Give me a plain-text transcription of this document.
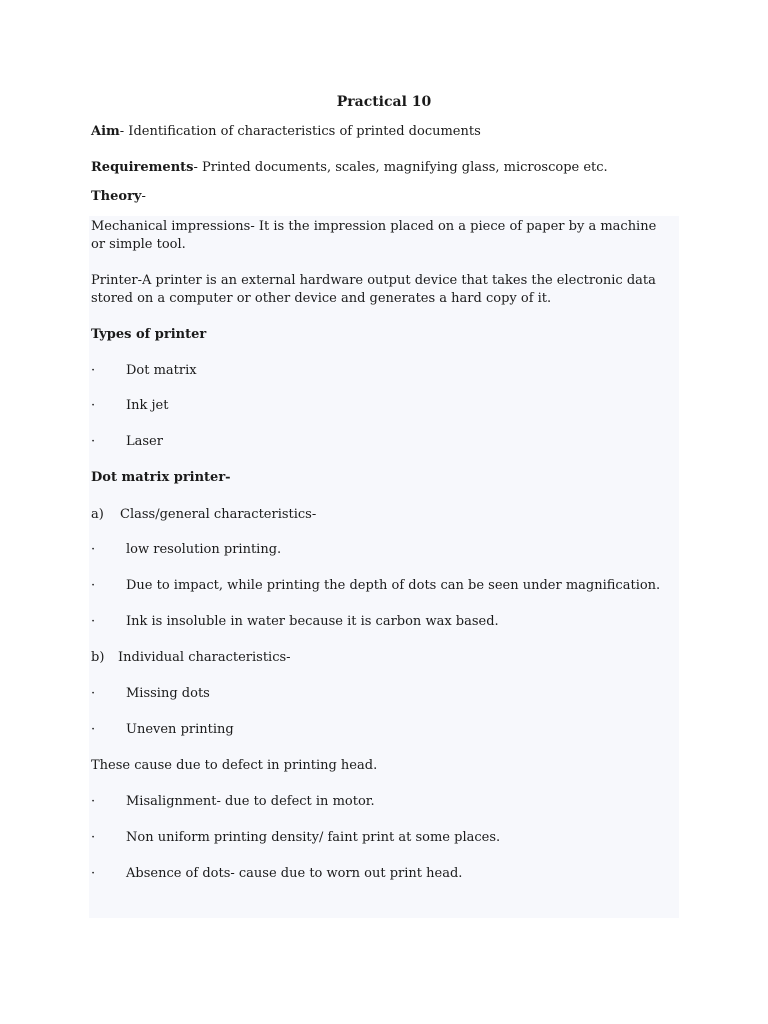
Practical 10
Aim- Identification of characteristics of printed documents
Requirements- Printed documents, scales, magnifying glass, microscope etc.
Theory-
Mechanical impressions- It is the impression placed on a piece of paper by a machine or simple tool.
Printer-A printer is an external hardware output device that takes the electronic data stored on a computer or other device and generates a hard copy of it.
Types of printer
· Dot matrix
· Ink jet
· Laser
Dot matrix printer-
a) Class/general characteristics-
· low resolution printing.
· Due to impact, while printing the depth of dots can be seen under magnification.
· Ink is insoluble in water because it is carbon wax based.
b) Individual characteristics-
· Missing dots
· Uneven printing
These cause due to defect in printing head.
· Misalignment- due to defect in motor.
· Non uniform printing density/ faint print at some places.
· Absence of dots- cause due to worn out print head.
